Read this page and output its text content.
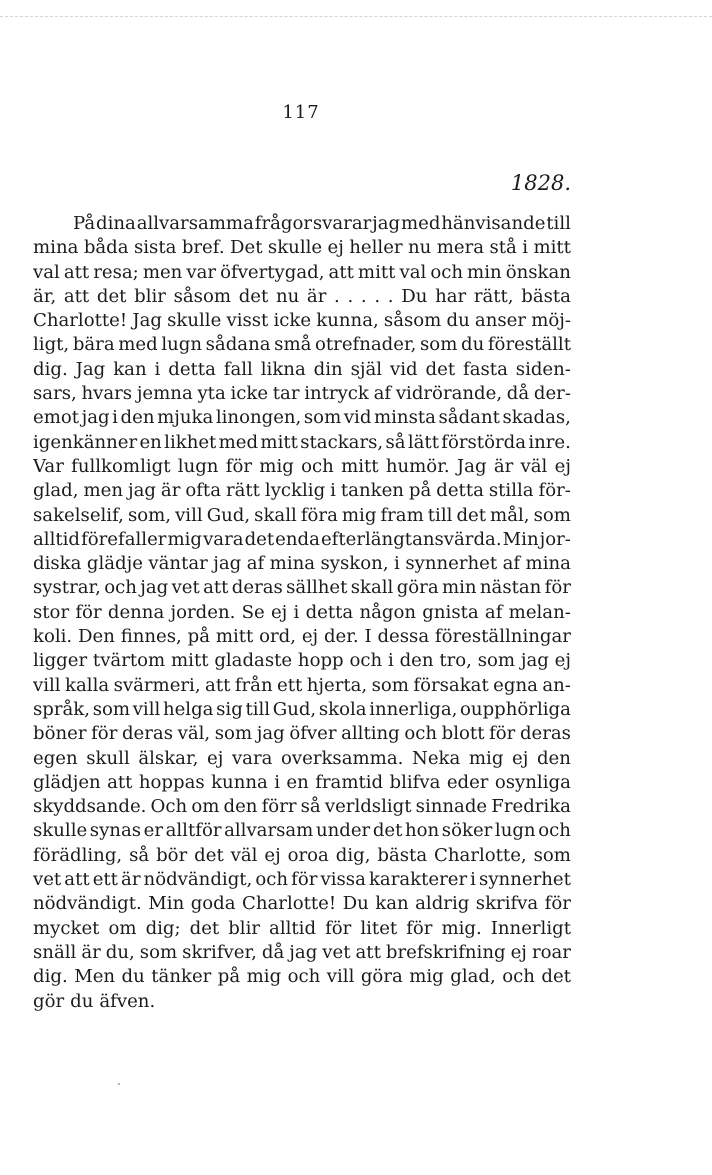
117
1828.
På dina allvarsamma frågor svarar jag med hänvisande till
mina båda sista bref. Det skulle ej heller nu mera stå i mitt
val att resa; men var öfvertygad, att mitt val och min önskan
är, att det blir såsom det nu är . . . . . Du har rätt, bästa
Charlotte! Jag skulle visst icke kunna, såsom du anser möj-
ligt, bära med lugn sådana små otrefnader, som du föreställt
dig. Jag kan i detta fall likna din själ vid det fasta siden-
sars, hvars jemna yta icke tar intryck af vidrörande, då der-
emot jag i den mjuka linongen, som vid minsta sådant skadas,
igenkänner en likhet med mitt stackars, så lätt förstörda inre.
Var fullkomligt lugn för mig och mitt humör. Jag är väl ej
glad, men jag är ofta rätt lycklig i tanken på detta stilla för-
sakelselif, som, vill Gud, skall föra mig fram till det mål, som
alltid förefaller mig vara det enda efterlängtansvärda. Min jor-
diska glädje väntar jag af mina syskon, i synnerhet af mina
systrar, och jag vet att deras sällhet skall göra min nästan för
stor för denna jorden. Se ej i detta någon gnista af melan-
koli. Den finnes, på mitt ord, ej der. I dessa föreställningar
ligger tvärtom mitt gladaste hopp och i den tro, som jag ej
vill kalla svärmeri, att från ett hjerta, som försakat egna an-
språk, som vill helga sig till Gud, skola innerliga, oupphörliga
böner för deras väl, som jag öfver allting och blott för deras
egen skull älskar, ej vara overksamma. Neka mig ej den
glädjen att hoppas kunna i en framtid blifva eder osynliga
skyddsande. Och om den förr så verldsligt sinnade Fredrika
skulle synas er alltför allvarsam under det hon söker lugn och
förädling, så bör det väl ej oroa dig, bästa Charlotte, som
vet att ett är nödvändigt, och för vissa karakterer i synnerhet
nödvändigt. Min goda Charlotte! Du kan aldrig skrifva för
mycket om dig; det blir alltid för litet för mig. Innerligt
snäll är du, som skrifver, då jag vet att brefskrifning ej roar
dig. Men du tänker på mig och vill göra mig glad, och det
gör du äfven.
